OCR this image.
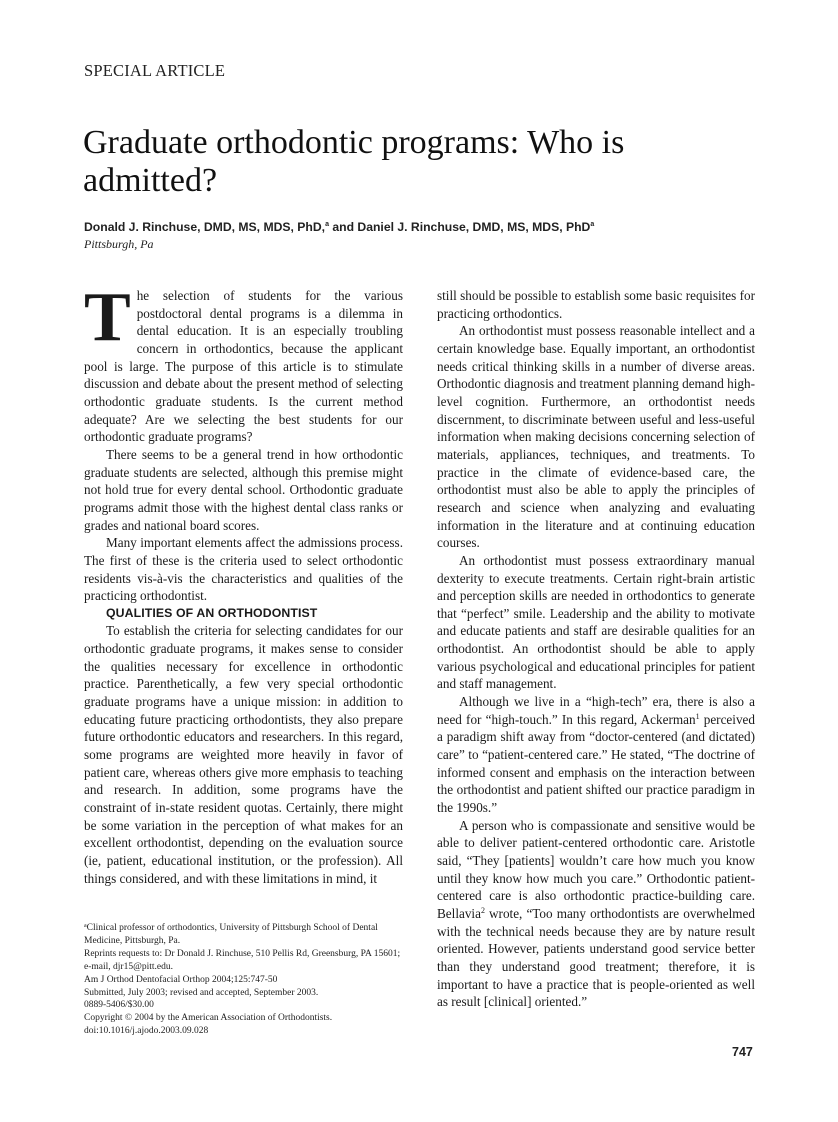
SPECIAL ARTICLE
Graduate orthodontic programs: Who is admitted?
Donald J. Rinchuse, DMD, MS, MDS, PhD,$^a$ and Daniel J. Rinchuse, DMD, MS, MDS, PhD$^a$
Pittsburgh, Pa

The selection of students for the various postdoctoral dental programs is a dilemma in dental education. It is an especially troubling concern in orthodontics, because the applicant pool is large. The purpose of this article is to stimulate discussion and debate about the present method of selecting orthodontic graduate students. Is the current method adequate? Are we selecting the best students for our orthodontic graduate programs?

There seems to be a general trend in how orthodontic graduate students are selected, although this premise might not hold true for every dental school. Orthodontic graduate programs admit those with the highest dental class ranks or grades and national board scores.

Many important elements affect the admissions process. The first of these is the criteria used to select orthodontic residents vis-à-vis the characteristics and qualities of the practicing orthodontist.

QUALITIES OF AN ORTHODONTIST

To establish the criteria for selecting candidates for our orthodontic graduate programs, it makes sense to consider the qualities necessary for excellence in orthodontic practice. Parenthetically, a few very special orthodontic graduate programs have a unique mission: in addition to educating future practicing orthodontists, they also prepare future orthodontic educators and researchers. In this regard, some programs are weighted more heavily in favor of patient care, whereas others give more emphasis to teaching and research. In addition, some programs have the constraint of in-state resident quotas. Certainly, there might be some variation in the perception of what makes for an excellent orthodontist, depending on the evaluation source (ie, patient, educational institution, or the profession). All things considered, and with these limitations in mind, it

still should be possible to establish some basic requisites for practicing orthodontics.

An orthodontist must possess reasonable intellect and a certain knowledge base. Equally important, an orthodontist needs critical thinking skills in a number of diverse areas. Orthodontic diagnosis and treatment planning demand high-level cognition. Furthermore, an orthodontist needs discernment, to discriminate between useful and less-useful information when making decisions concerning selection of materials, appliances, techniques, and treatments. To practice in the climate of evidence-based care, the orthodontist must also be able to apply the principles of research and science when analyzing and evaluating information in the literature and at continuing education courses.

An orthodontist must possess extraordinary manual dexterity to execute treatments. Certain right-brain artistic and perception skills are needed in orthodontics to generate that “perfect” smile. Leadership and the ability to motivate and educate patients and staff are desirable qualities for an orthodontist. An orthodontist should be able to apply various psychological and educational principles for patient and staff management.

Although we live in a “high-tech” era, there is also a need for “high-touch.” In this regard, Ackerman$^1$ perceived a paradigm shift away from “doctor-centered (and dictated) care” to “patient-centered care.” He stated, “The doctrine of informed consent and emphasis on the interaction between the orthodontist and patient shifted our practice paradigm in the 1990s.”

A person who is compassionate and sensitive would be able to deliver patient-centered orthodontic care. Aristotle said, “They [patients] wouldn’t care how much you know until they know how much you care.” Orthodontic patient-centered care is also orthodontic practice-building care. Bellavia$^2$ wrote, “Too many orthodontists are overwhelmed with the technical needs because they are by nature result oriented. However, patients understand good service better than they understand good treatment; therefore, it is important to have a practice that is people-oriented as well as result [clinical] oriented.”

$^a$Clinical professor of orthodontics, University of Pittsburgh School of Dental Medicine, Pittsburgh, Pa.
Reprints requests to: Dr Donald J. Rinchuse, 510 Pellis Rd, Greensburg, PA 15601; e-mail, djr15@pitt.edu.
Am J Orthod Dentofacial Orthop 2004;125:747-50
Submitted, July 2003; revised and accepted, September 2003.
0889-5406/$30.00
Copyright © 2004 by the American Association of Orthodontists.
doi:10.1016/j.ajodo.2003.09.028
747
